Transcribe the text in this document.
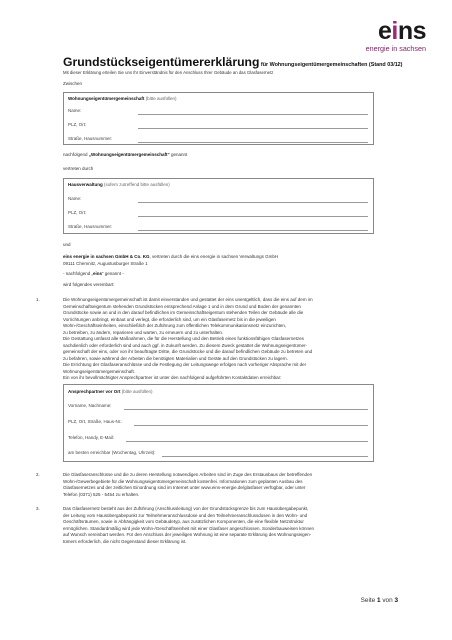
eins
energie in sachsen
Grundstückseigentümererklärung für Wohnungseigentümergemeinschaften (Stand 03/12)
Mit dieser Erklärung erteilen Sie uns Ihr Einverständnis für den Anschluss Ihrer Gebäude an das Glasfasernetz
Zwischen
Wohnungseigentümergemeinschaft (bitte ausfüllen)
Name:
PLZ, Ort:
Straße, Hausnummer:
nachfolgend „Wohnungseigentümergemeinschaft“ genannt
vertreten durch
Hausverwaltung (sofern zutreffend bitte ausfüllen)
Name:
PLZ, Ort:
Straße, Hausnummer:
und
eins energie in sachsen GmbH & Co. KG, vertreten durch die eins energie in sachsen Verwaltungs GmbH
09111 Chemnitz, Augustusburger Straße 1
- nachfolgend „eins“ genannt -
wird folgendes vereinbart:
1.	Die Wohnungseigentümergemeinschaft ist damit einverstanden und gestattet der eins unentgeltlich, dass die eins auf dem im
Gemeinschaftseigentum stehenden Grundstücken entsprechend Anlage 1 und in dem Grund und Boden der genannten
Grundstücke sowie an und in den darauf befindlichen im Gemeinschaftseigentum stehenden Teilen der Gebäude alle die
Vorrichtungen anbringt, einbaut und verlegt, die erforderlich sind, um ein Glasfasernetz bis in die jeweiligen
Wohn-/Geschäftseinheiten, einschließlich der Zuführung zum öffentlichen Telekommunikationsnetz einzurichten,
zu betreiben, zu ändern, reparieren und warten, zu erneuern und zu unterhalten.
Die Gestattung umfasst alle Maßnahmen, die für die Herstellung und den Betrieb eines funktionsfähigen Glasfasernetzes
sachdienlich oder erforderlich sind und auch ggf. in Zukunft werden. Zu diesem Zweck gestattet die Wohnungseigentümer-
gemeinschaft der eins, oder von ihr beauftragte Dritte, die Grundstücke und die darauf befindlichen Gebäude zu betreten und
zu befahren, sowie während der Arbeiten die benötigten Materialien und Geräte auf den Grundstücken zu lagern.
Die Errichtung der Glasfaseranschlüsse und die Festlegung der Leitungswege erfolgen nach vorheriger Absprache mit der
Wohnungseigentümergemeinschaft.
Ein von ihr bevollmächtigter Ansprechpartner ist unter den nachfolgend aufgeführten Kontaktdaten erreichbar:
Ansprechpartner vor Ort (bitte ausfüllen)
Vorname, Nachname:
PLZ, Ort, Straße, Haus-Nr.:
Telefon, Handy, E-Mail:
am besten erreichbar (Wochentag, Uhrzeit):
2.	Die Glasfaseranschlüsse und die zu deren Herstellung notwendigen Arbeiten sind im Zuge des Erstausbaus der betreffenden
Wohn-/Gewerbegebiete für die Wohnungseigentümergemeinschaft kostenfrei. Informationen zum geplanten Ausbau des
Glasfasernetzes und der zeitlichen Einordnung sind im Internet unter www.eins-energie.de/glasfaser verfügbar, oder unter
Telefon (0371) 525 - 5454 zu erhalten.
3.	Das Glasfasernetz besteht aus der Zuführung (Anschlussleitung) von der Grundstücksgrenze bis zum Hausübergabepunkt,
der Leitung vom Hausübergabepunkt zur Teilnehmeranschlussdose und den Teilnehmeranschlussdosen in den Wohn- und
Geschäftsräumen, sowie in Abhängigkeit vom Gebäudetyp, aus zusätzlichen Komponenten, die eine flexible Netzstruktur
ermöglichen. Standardmäßig wird jede Wohn-/Geschäftseinheit mit einer Glasfaser angeschlossen. Sonderbauweisen können
auf Wunsch vereinbart werden. Für den Anschluss der jeweiligen Wohnung ist eine separate Erklärung des Wohnungseigen-
tümers erforderlich, die nicht Gegenstand dieser Erklärung ist.
Seite 1 von 3
